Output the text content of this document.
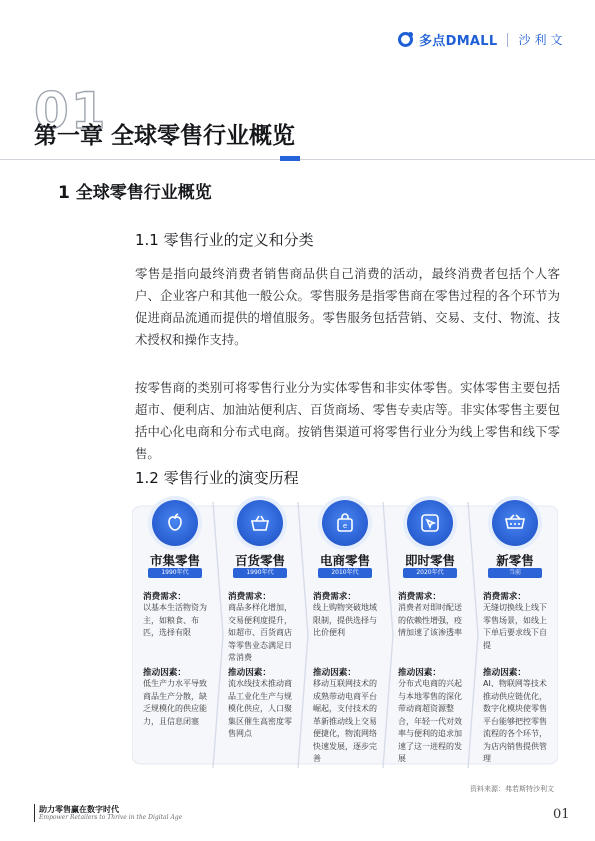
多点DMALL 沙利文
01
第一章 全球零售行业概览
1 全球零售行业概览
1.1 零售行业的定义和分类
零售是指向最终消费者销售商品供自己消费的活动，最终消费者包括个人客户、企业客户和其他一般公众。零售服务是指零售商在零售过程的各个环节为促进商品流通而提供的增值服务。零售服务包括营销、交易、支付、物流、技术授权和操作支持。
按零售商的类别可将零售行业分为实体零售和非实体零售。实体零售主要包括超市、便利店、加油站便利店、百货商场、零售专卖店等。非实体零售主要包括中心化电商和分布式电商。按销售渠道可将零售行业分为线上零售和线下零售。
1.2 零售行业的演变历程
市集零售
1990年代
消费需求：
以基本生活物资为主，如粮食、布匹，选择有限
推动因素：
低生产力水平导致商品生产分散，缺乏规模化的供应能力，且信息闭塞
百货零售
1990年代
消费需求：
商品多样化增加，交易便利度提升，如超市、百货商店等零售业态满足日常消费
推动因素：
流水线技术推动商品工业化生产与规模化供应，人口聚集区催生高密度零售网点
e
电商零售
2010年代
消费需求：
线上购物突破地域限制，提供选择与比价便利
推动因素：
移动互联网技术的成熟带动电商平台崛起，支付技术的革新推动线上交易便捷化，物流网络快速发展，逐步完善
即时零售
2020年代
消费需求：
消费者对即时配送的依赖性增强，疫情加速了该渗透率
推动因素：
分布式电商的兴起与本地零售的深化带动商超资源整合，年轻一代对效率与便利的追求加速了这一进程的发展
新零售
当前
消费需求：
无缝切换线上线下零售场景，如线上下单后要求线下自提
推动因素：
AI、物联网等技术推动供应链优化，数字化模块使零售平台能够把控零售流程的各个环节，为店内销售提供管理
资料来源：弗若斯特沙利文
助力零售赢在数字时代
Empower Retailers to Thrive in the Digital Age	01
